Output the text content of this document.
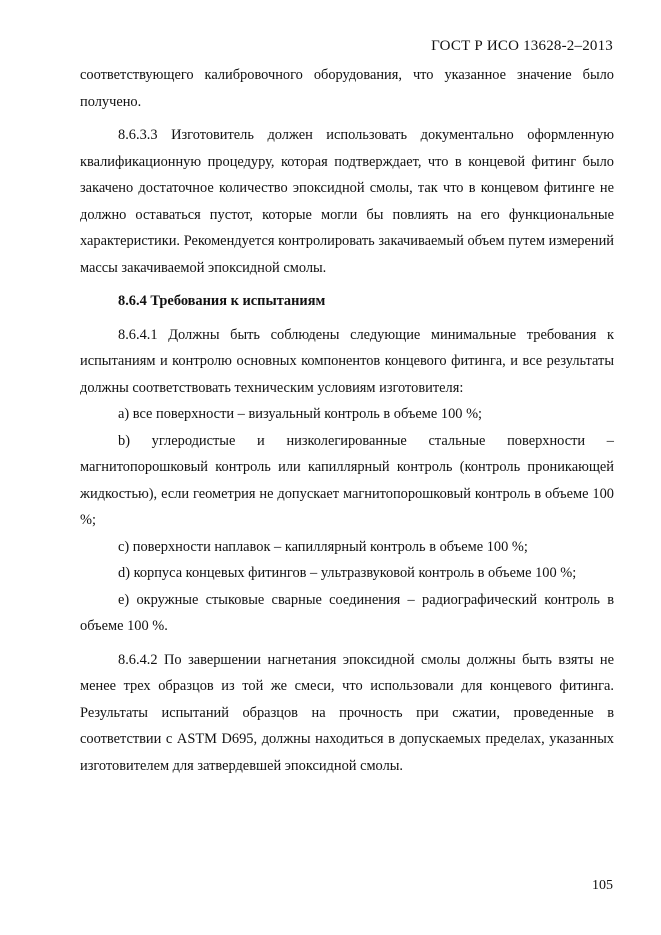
ГОСТ Р ИСО 13628-2–2013

соответствующего калибровочного оборудования, что указанное значение было получено.

8.6.3.3 Изготовитель должен использовать документально оформленную квалификационную процедуру, которая подтверждает, что в концевой фитинг было закачено достаточное количество эпоксидной смолы, так что в концевом фитинге не должно оставаться пустот, которые могли бы повлиять на его функциональные характеристики. Рекомендуется контролировать закачиваемый объем путем измерений массы закачиваемой эпоксидной смолы.

8.6.4 Требования к испытаниям

8.6.4.1 Должны быть соблюдены следующие минимальные требования к испытаниям и контролю основных компонентов концевого фитинга, и все результаты должны соответствовать техническим условиям изготовителя:

а) все поверхности – визуальный контроль в объеме 100 %;

b) углеродистые и низколегированные стальные поверхности – магнитопорошковый контроль или капиллярный контроль (контроль проникающей жидкостью), если геометрия не допускает магнитопорошковый контроль в объеме 100 %;

с) поверхности наплавок – капиллярный контроль в объеме 100 %;

d) корпуса концевых фитингов – ультразвуковой контроль в объеме 100 %;

е) окружные стыковые сварные соединения – радиографический контроль в объеме 100 %.

8.6.4.2 По завершении нагнетания эпоксидной смолы должны быть взяты не менее трех образцов из той же смеси, что использовали для концевого фитинга. Результаты испытаний образцов на прочность при сжатии, проведенные в соответствии с ASTM D695, должны находиться в допускаемых пределах, указанных изготовителем для затвердевшей эпоксидной смолы.

105
